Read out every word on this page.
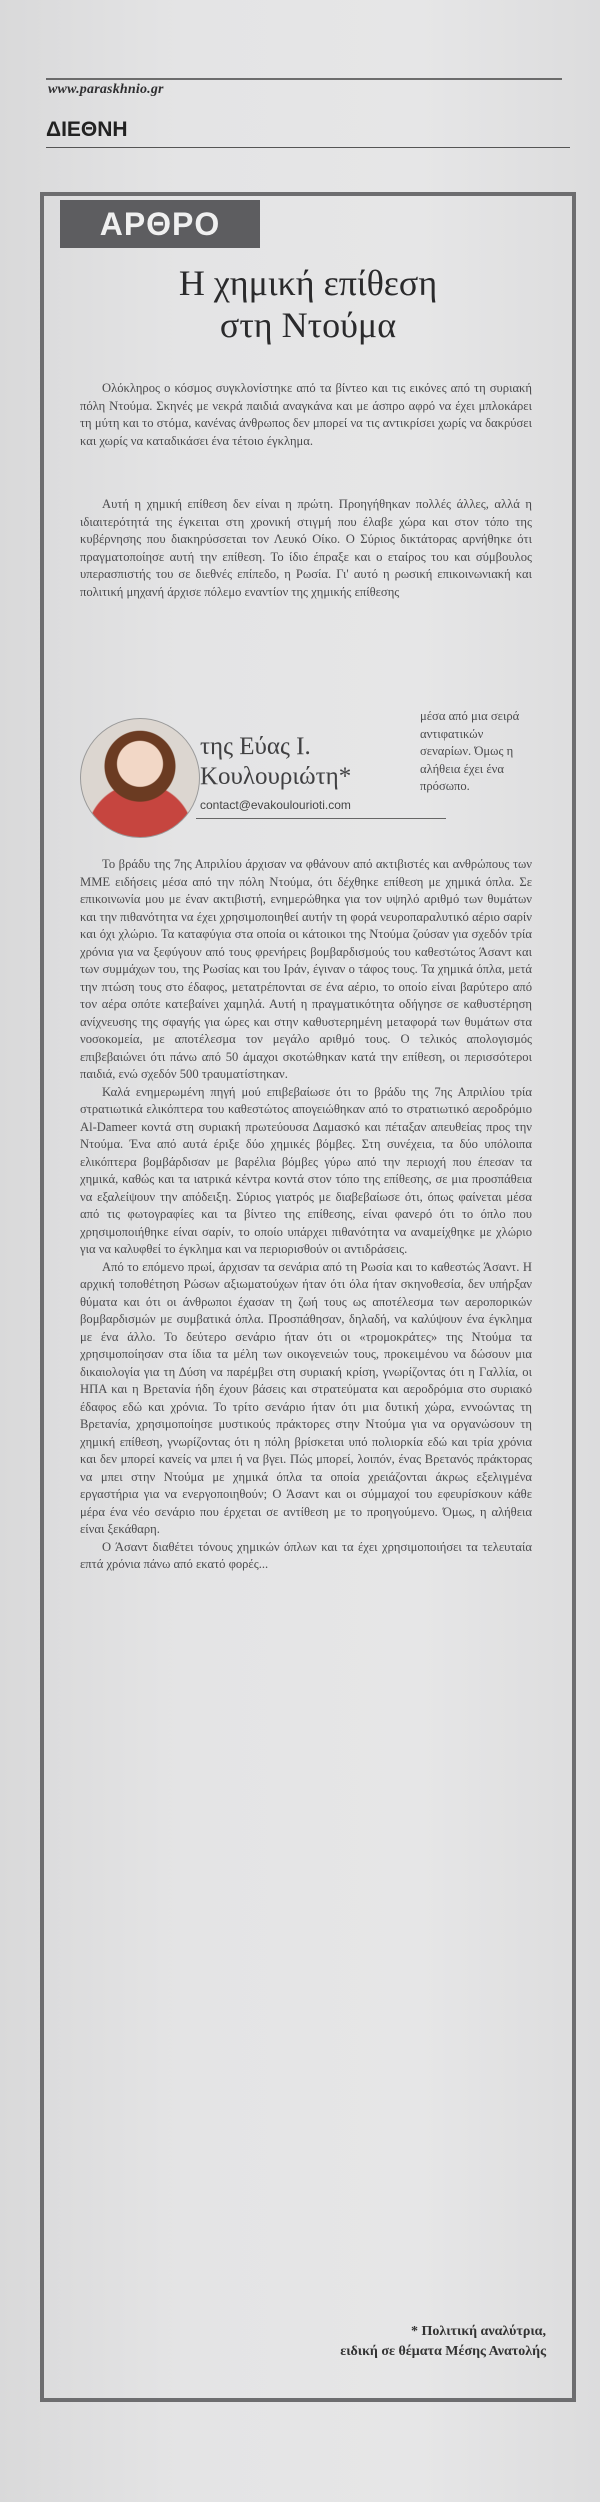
www.paraskhnio.gr
ΔΙΕΘΝΗ
ΑΡΘΡΟ
Η χημική επίθεση
στη Ντούμα

Ολόκληρος ο κόσμος συγκλονίστηκε από τα βίντεο και τις εικόνες από τη συριακή πόλη Ντούμα. Σκηνές με νεκρά παιδιά αναγκάνα και με άσπρο αφρό να έχει μπλοκάρει τη μύτη και το στόμα, κανένας άνθρωπος δεν μπορεί να τις αντικρίσει χωρίς να δακρύσει και χωρίς να καταδικάσει ένα τέτοιο έγκλημα.

Αυτή η χημική επίθεση δεν είναι η πρώτη. Προηγήθηκαν πολλές άλλες, αλλά η ιδιαιτερότητά της έγκειται στη χρονική στιγμή που έλαβε χώρα και στον τόπο της κυβέρνησης που διακηρύσσεται τον Λευκό Οίκο. Ο Σύριος δικτάτορας αρνήθηκε ότι πραγματοποίησε αυτή την επίθεση. Το ίδιο έπραξε και ο εταίρος του και σύμβουλος υπερασπιστής του σε διεθνές επίπεδο, η Ρωσία. Γι' αυτό η ρωσική επικοινωνιακή και πολιτική μηχανή άρχισε πόλεμο εναντίον της χημικής επίθεσης

της Εύας Ι.
Κουλουριώτη*
contact@evakoulourioti.com
μέσα από μια σειρά αντιφατικών σεναρίων. Όμως η αλήθεια έχει ένα πρόσωπο.

Το βράδυ της 7ης Απριλίου άρχισαν να φθάνουν από ακτιβιστές και ανθρώπους των ΜΜΕ ειδήσεις μέσα από την πόλη Ντούμα, ότι δέχθηκε επίθεση με χημικά όπλα. Σε επικοινωνία μου με έναν ακτιβιστή, ενημερώθηκα για τον υψηλό αριθμό των θυμάτων και την πιθανότητα να έχει χρησιμοποιηθεί αυτήν τη φορά νευροπαραλυτικό αέριο σαρίν και όχι χλώριο. Τα καταφύγια στα οποία οι κάτοικοι της Ντούμα ζούσαν για σχεδόν τρία χρόνια για να ξεφύγουν από τους φρενήρεις βομβαρδισμούς του καθεστώτος Άσαντ και των συμμάχων του, της Ρωσίας και του Ιράν, έγιναν ο τάφος τους. Τα χημικά όπλα, μετά την πτώση τους στο έδαφος, μετατρέπονται σε ένα αέριο, το οποίο είναι βαρύτερο από τον αέρα οπότε κατεβαίνει χαμηλά. Αυτή η πραγματικότητα οδήγησε σε καθυστέρηση ανίχνευσης της σφαγής για ώρες και στην καθυστερημένη μεταφορά των θυμάτων στα νοσοκομεία, με αποτέλεσμα τον μεγάλο αριθμό τους. Ο τελικός απολογισμός επιβεβαιώνει ότι πάνω από 50 άμαχοι σκοτώθηκαν κατά την επίθεση, οι περισσότεροι παιδιά, ενώ σχεδόν 500 τραυματίστηκαν.

Καλά ενημερωμένη πηγή μού επιβεβαίωσε ότι το βράδυ της 7ης Απριλίου τρία στρατιωτικά ελικόπτερα του καθεστώτος απογειώθηκαν από το στρατιωτικό αεροδρόμιο Al-Dameer κοντά στη συριακή πρωτεύουσα Δαμασκό και πέταξαν απευθείας προς την Ντούμα. Ένα από αυτά έριξε δύο χημικές βόμβες. Στη συνέχεια, τα δύο υπόλοιπα ελικόπτερα βομβάρδισαν με βαρέλια βόμβες γύρω από την περιοχή που έπεσαν τα χημικά, καθώς και τα ιατρικά κέντρα κοντά στον τόπο της επίθεσης, σε μια προσπάθεια να εξαλείψουν την απόδειξη. Σύριος γιατρός με διαβεβαίωσε ότι, όπως φαίνεται μέσα από τις φωτογραφίες και τα βίντεο της επίθεσης, είναι φανερό ότι το όπλο που χρησιμοποιήθηκε είναι σαρίν, το οποίο υπάρχει πιθανότητα να αναμείχθηκε με χλώριο για να καλυφθεί το έγκλημα και να περιορισθούν οι αντιδράσεις.

Από το επόμενο πρωί, άρχισαν τα σενάρια από τη Ρωσία και το καθεστώς Άσαντ. Η αρχική τοποθέτηση Ρώσων αξιωματούχων ήταν ότι όλα ήταν σκηνοθεσία, δεν υπήρξαν θύματα και ότι οι άνθρωποι έχασαν τη ζωή τους ως αποτέλεσμα των αεροπορικών βομβαρδισμών με συμβατικά όπλα. Προσπάθησαν, δηλαδή, να καλύψουν ένα έγκλημα με ένα άλλο. Το δεύτερο σενάριο ήταν ότι οι «τρομοκράτες» της Ντούμα τα χρησιμοποίησαν στα ίδια τα μέλη των οικογενειών τους, προκειμένου να δώσουν μια δικαιολογία για τη Δύση να παρέμβει στη συριακή κρίση, γνωρίζοντας ότι η Γαλλία, οι ΗΠΑ και η Βρετανία ήδη έχουν βάσεις και στρατεύματα και αεροδρόμια στο συριακό έδαφος εδώ και χρόνια. Το τρίτο σενάριο ήταν ότι μια δυτική χώρα, εννοώντας τη Βρετανία, χρησιμοποίησε μυστικούς πράκτορες στην Ντούμα για να οργανώσουν τη χημική επίθεση, γνωρίζοντας ότι η πόλη βρίσκεται υπό πολιορκία εδώ και τρία χρόνια και δεν μπορεί κανείς να μπει ή να βγει. Πώς μπορεί, λοιπόν, ένας Βρετανός πράκτορας να μπει στην Ντούμα με χημικά όπλα τα οποία χρειάζονται άκρως εξελιγμένα εργαστήρια για να ενεργοποιηθούν; Ο Άσαντ και οι σύμμαχοί του εφευρίσκουν κάθε μέρα ένα νέο σενάριο που έρχεται σε αντίθεση με το προηγούμενο. Όμως, η αλήθεια είναι ξεκάθαρη.

Ο Άσαντ διαθέτει τόνους χημικών όπλων και τα έχει χρησιμοποιήσει τα τελευταία επτά χρόνια πάνω από εκατό φορές...

* Πολιτική αναλύτρια,
ειδική σε θέματα Μέσης Ανατολής
